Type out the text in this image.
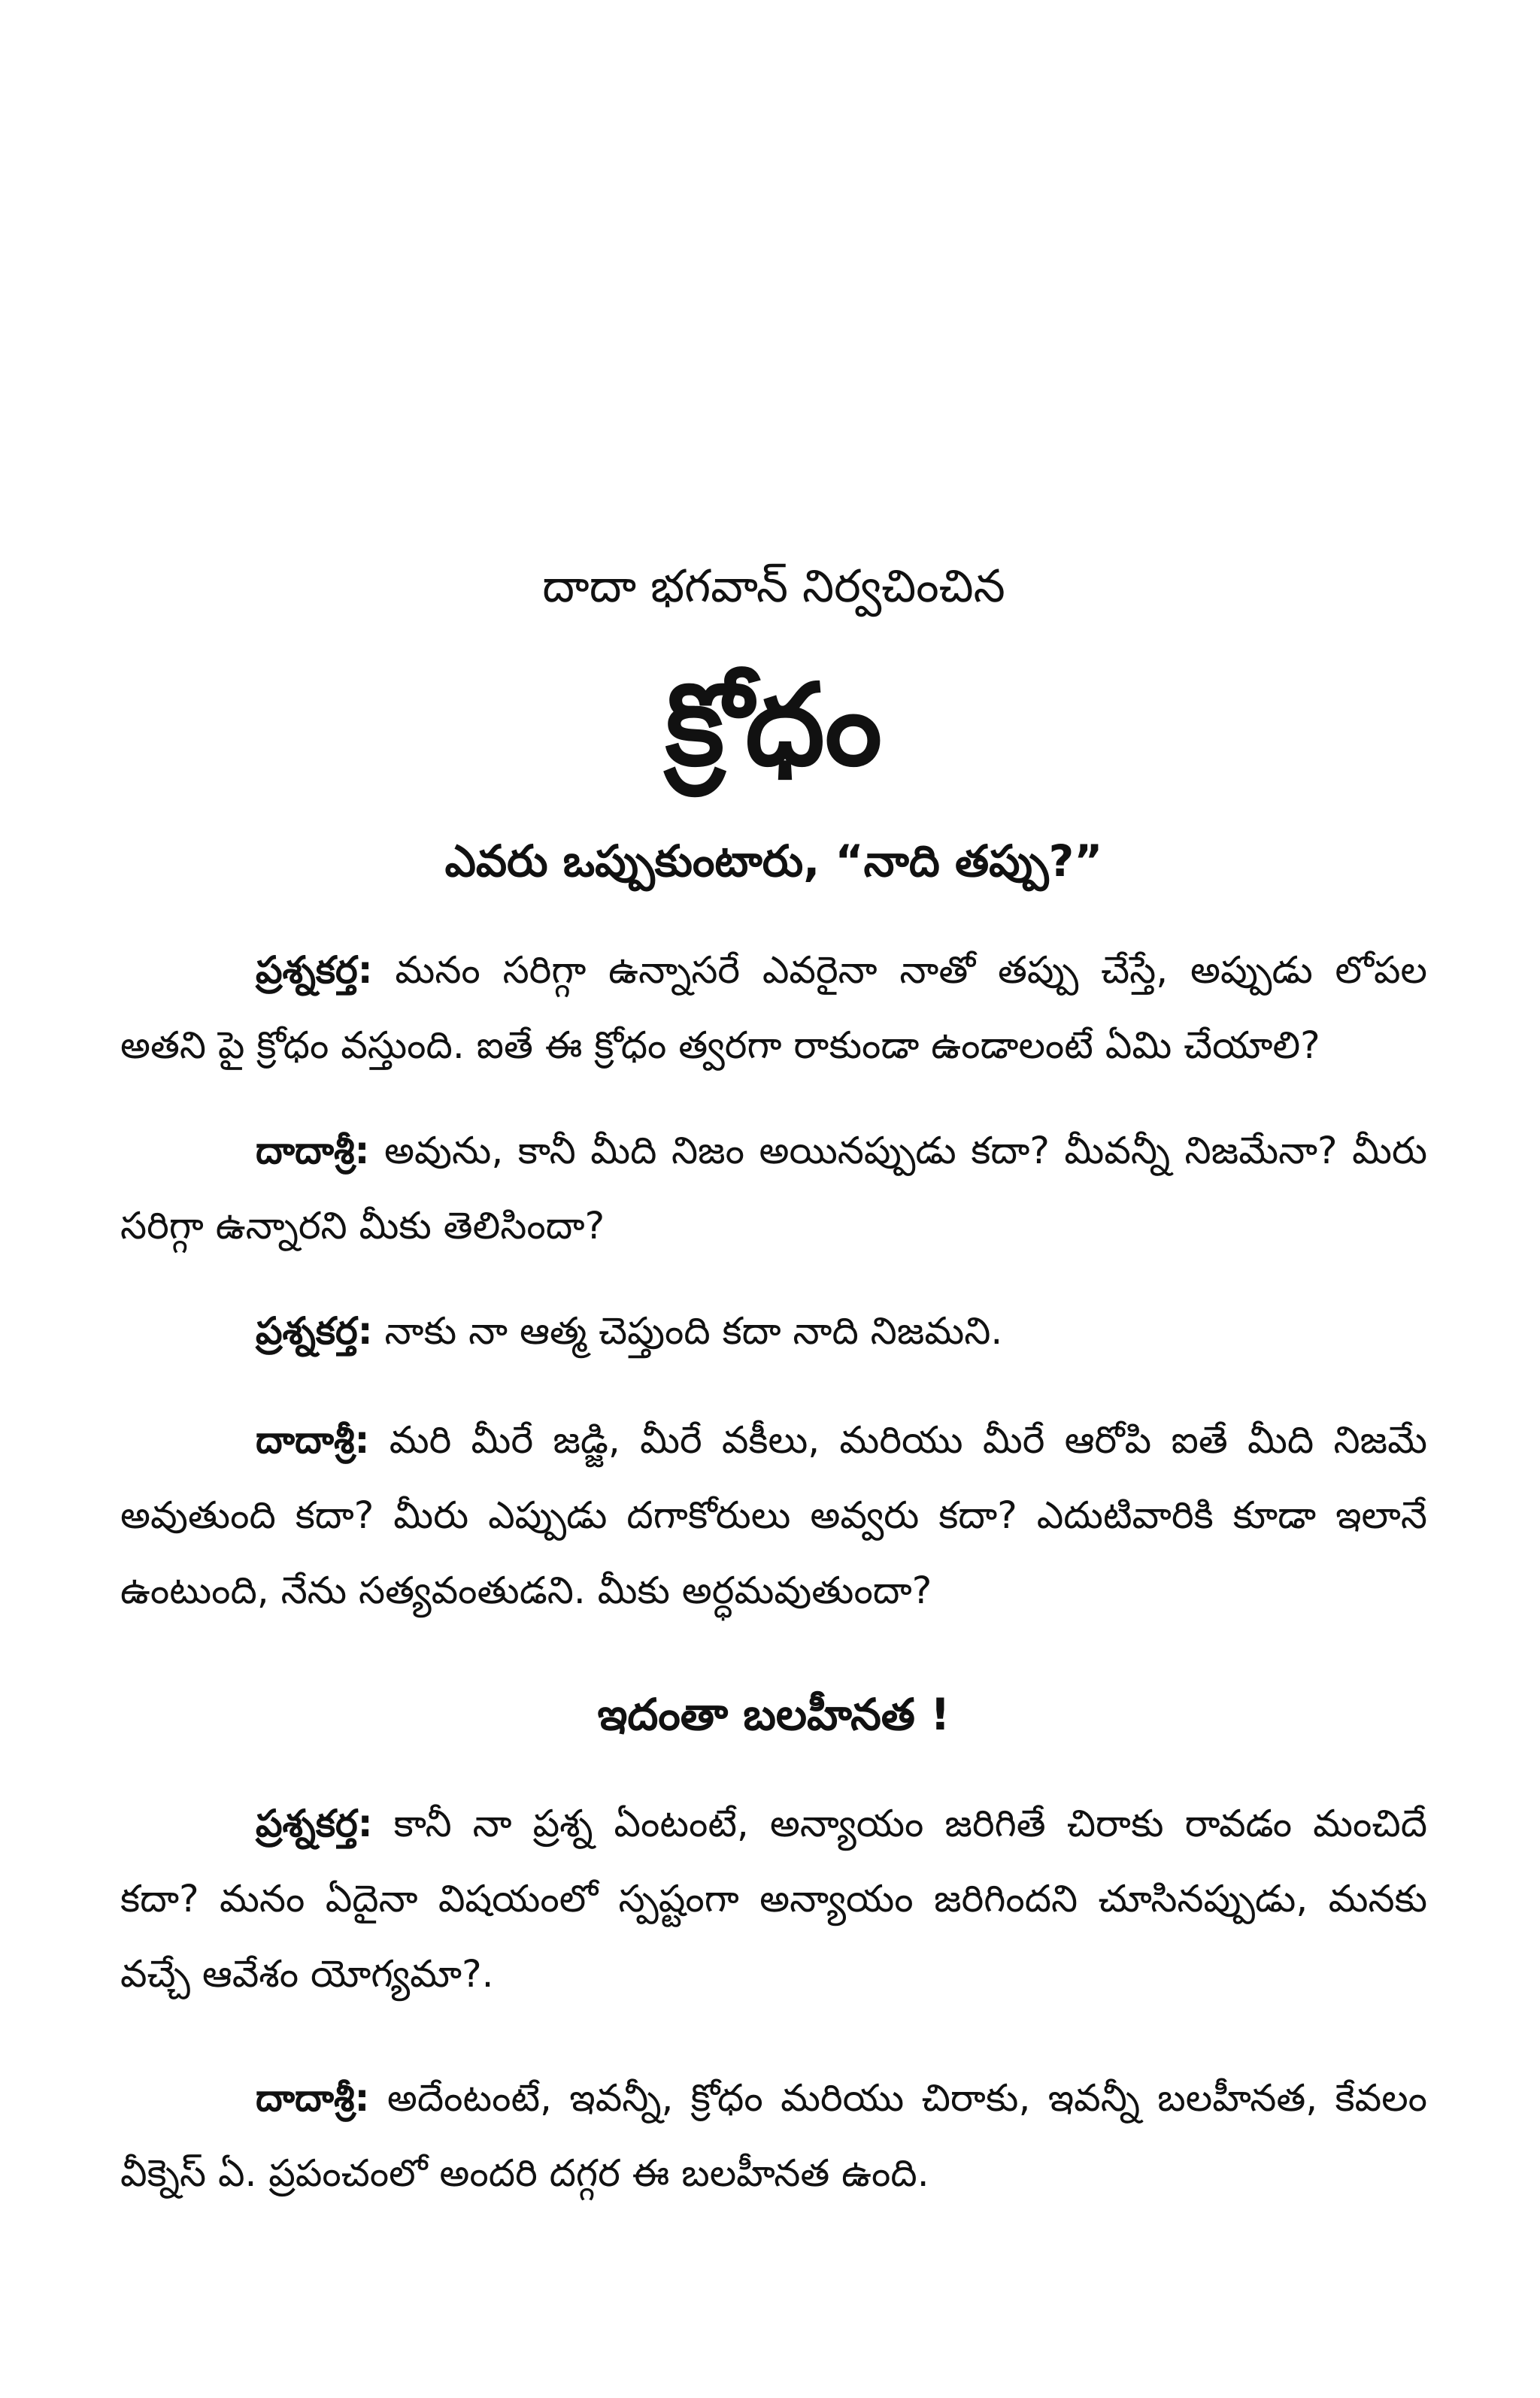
దాదా భగవాన్ నిర్వచించిన
క్రోధం
ఎవరు ఒప్పుకుంటారు, “నాది తప్పు?”

ప్రశ్నకర్త: మనం సరిగ్గా ఉన్నాసరే ఎవరైనా నాతో తప్పు చేస్తే, అప్పుడు లోపల అతని పై క్రోధం వస్తుంది. ఐతే ఈ క్రోధం త్వరగా రాకుండా ఉండాలంటే ఏమి చేయాలి?

దాదాశ్రీ: అవును, కానీ మీది నిజం అయినప్పుడు కదా? మీవన్నీ నిజమేనా? మీరు సరిగ్గా ఉన్నారని మీకు తెలిసిందా?

ప్రశ్నకర్త: నాకు నా ఆత్మ చెప్తుంది కదా నాది నిజమని.

దాదాశ్రీ: మరి మీరే జడ్జి, మీరే వకీలు, మరియు మీరే ఆరోపి ఐతే మీది నిజమే అవుతుంది కదా? మీరు ఎప్పుడు దగాకోరులు అవ్వరు కదా? ఎదుటివారికి కూడా ఇలానే ఉంటుంది, నేను సత్యవంతుడని. మీకు అర్ధమవుతుందా?

ఇదంతా బలహీనత !

ప్రశ్నకర్త: కానీ నా ప్రశ్న ఏంటంటే, అన్యాయం జరిగితే చిరాకు రావడం మంచిదే కదా? మనం ఏదైనా విషయంలో స్పష్టంగా అన్యాయం జరిగిందని చూసినప్పుడు, మనకు వచ్చే ఆవేశం యోగ్యమా?.

దాదాశ్రీ: అదేంటంటే, ఇవన్నీ, క్రోధం మరియు చిరాకు, ఇవన్నీ బలహీనత, కేవలం వీక్నెస్ ఏ. ప్రపంచంలో అందరి దగ్గర ఈ బలహీనత ఉంది.
